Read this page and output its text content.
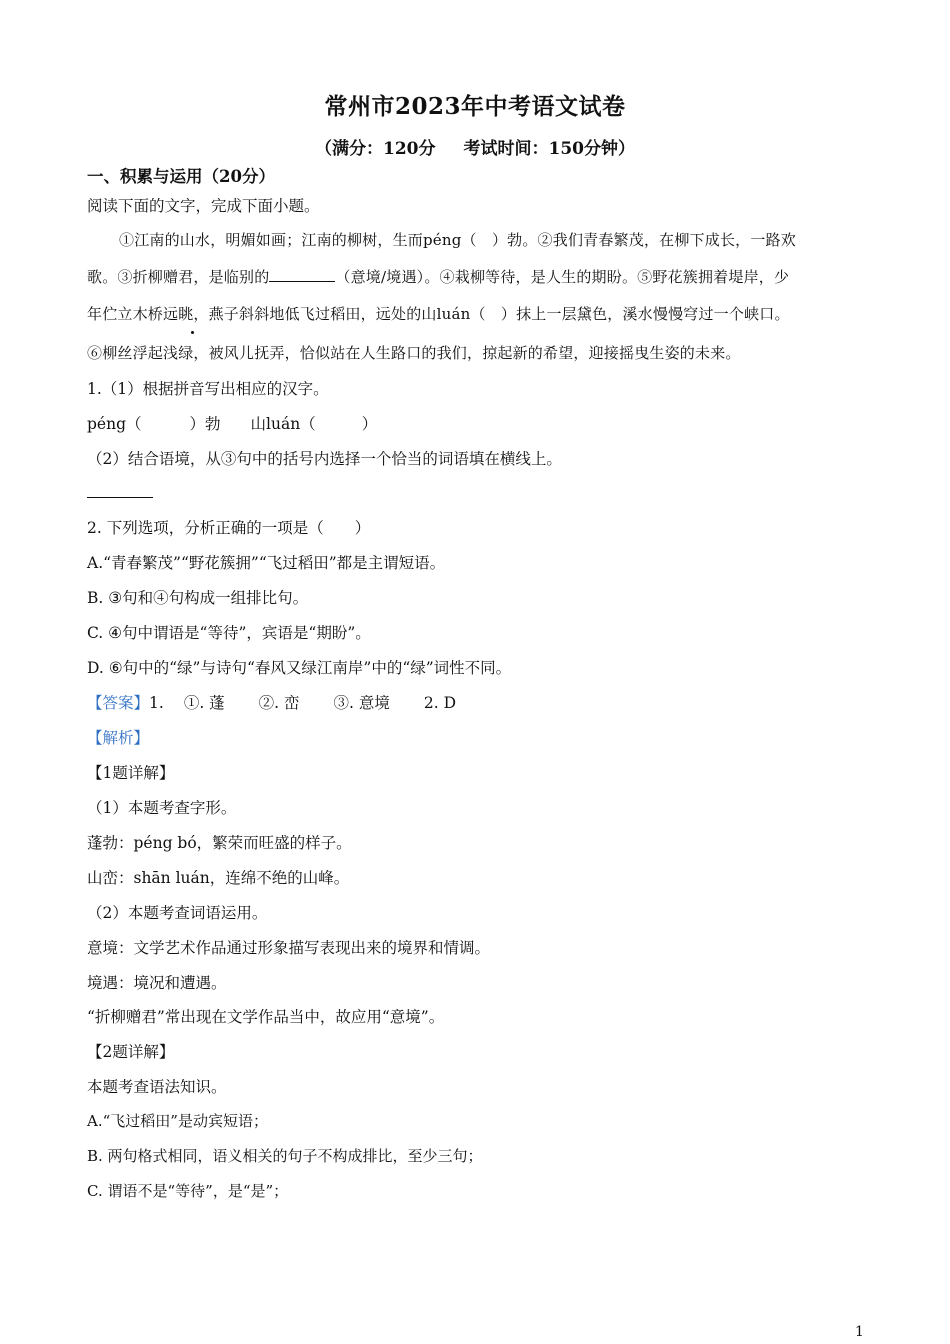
常州市2023年中考语文试卷
（满分：120分 考试时间：150分钟）
一、积累与运用（20分）
阅读下面的文字，完成下面小题。
①江南的山水，明媚如画；江南的柳树，生而péng（　）勃。②我们青春繁茂，在柳下成长，一路欢
歌。③折柳赠君，是临别的	（意境/境遇）。④栽柳等待，是人生的期盼。⑤野花簇拥着堤岸，少
年伫立木桥远眺，燕子斜斜地低飞过稻田，远处的山luán（　）抹上一层黛色，溪水慢慢穹过一个峡口。
⑥柳丝浮起浅绿，被风儿抚弄，恰似站在人生路口的我们，掠起新的希望，迎接摇曳生姿的未来。
1.（1）根据拼音写出相应的汉字。
péng（	）勃 山luán（	）
（2）结合语境，从③句中的括号内选择一个恰当的词语填在横线上。
2. 下列选项，分析正确的一项是（　　）
A.“青春繁茂”“野花簇拥”“飞过稻田”都是主谓短语。
B. ③句和④句构成一组排比句。
C. ④句中谓语是“等待”，宾语是“期盼”。
D. ⑥句中的“绿”与诗句“春风又绿江南岸”中的“绿”词性不同。
【答案】1. ①. 蓬 ②. 峦 ③. 意境 2. D
【解析】
【1题详解】
（1）本题考查字形。
蓬勃：péng bó，繁荣而旺盛的样子。
山峦：shān luán，连绵不绝的山峰。
（2）本题考查词语运用。
意境：文学艺术作品通过形象描写表现出来的境界和情调。
境遇：境况和遭遇。
“折柳赠君”常出现在文学作品当中，故应用“意境”。
【2题详解】
本题考查语法知识。
A.“飞过稻田”是动宾短语；
B. 两句格式相同，语义相关的句子不构成排比，至少三句；
C. 谓语不是“等待”，是“是”；
1
